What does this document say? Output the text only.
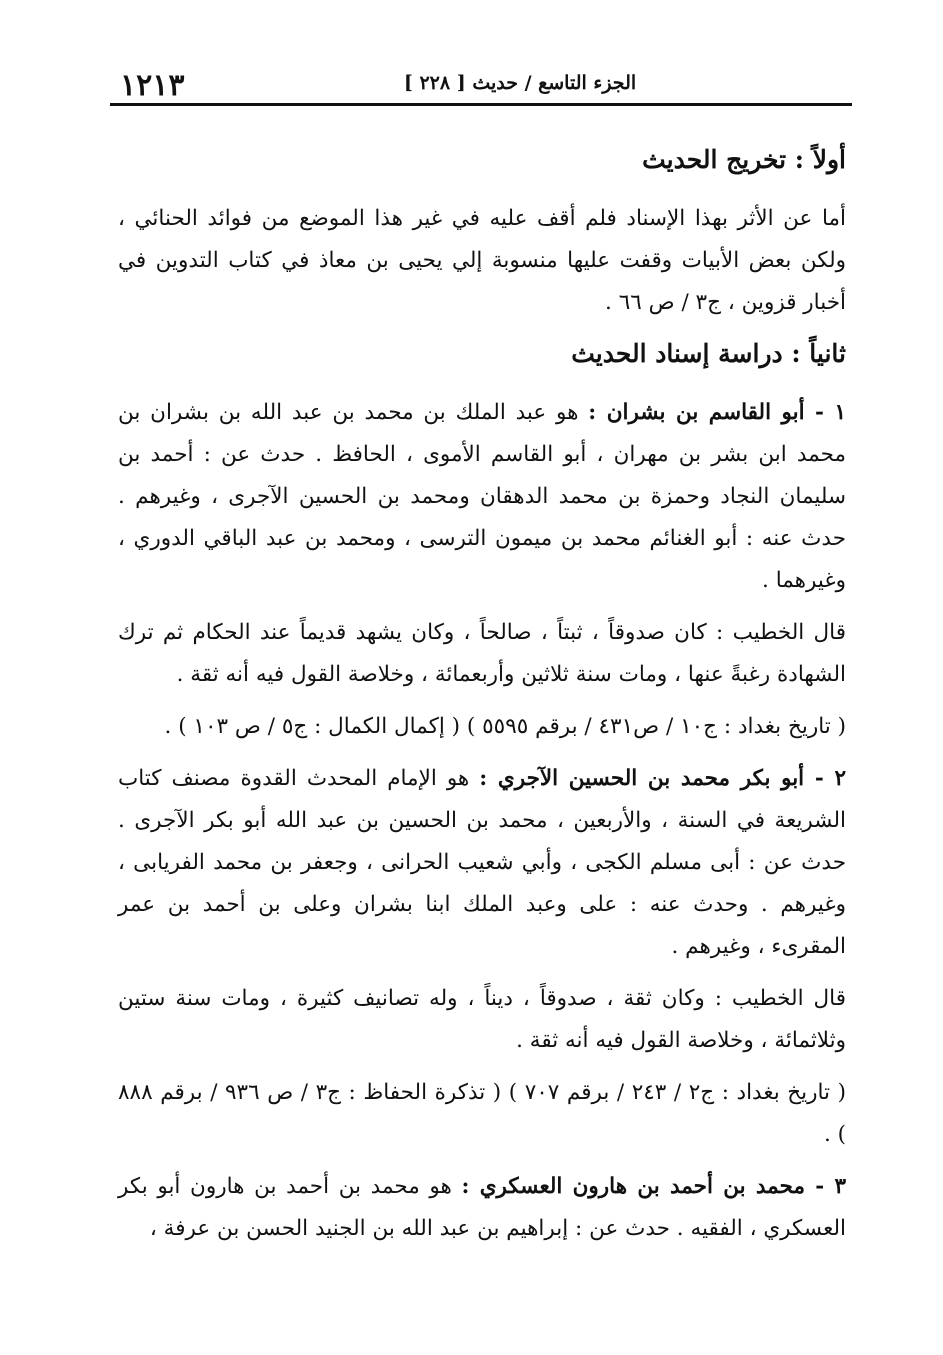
١٢١٣	الجزء التاسع / حديث [ ٢٢٨ ]
أولاً : تخريج الحديث

أما عن الأثر بهذا الإسناد فلم أقف عليه في غير هذا الموضع من فوائد الحنائي ، ولكن بعض الأبيات وقفت عليها منسوبة إلي يحيى بن معاذ في كتاب التدوين في أخبار قزوين ، ج٣ / ص ٦٦ .

ثانياً : دراسة إسناد الحديث

١ - أبو القاسم بن بشران : هو عبد الملك بن محمد بن عبد الله بن بشران بن محمد ابن بشر بن مهران ، أبو القاسم الأموى ، الحافظ . حدث عن : أحمد بن سليمان النجاد وحمزة بن محمد الدهقان ومحمد بن الحسين الآجرى ، وغيرهم . حدث عنه : أبو الغنائم محمد بن ميمون الترسى ، ومحمد بن عبد الباقي الدوري ، وغيرهما .

قال الخطيب : كان صدوقاً ، ثبتاً ، صالحاً ، وكان يشهد قديماً عند الحكام ثم ترك الشهادة رغبةً عنها ، ومات سنة ثلاثين وأربعمائة ، وخلاصة القول فيه أنه ثقة .

( تاريخ بغداد : ج١٠ / ص٤٣١ / برقم ٥٥٩٥ ) ( إكمال الكمال : ج٥ / ص ١٠٣ ) .

٢ - أبو بكر محمد بن الحسين الآجري : هو الإمام المحدث القدوة مصنف كتاب الشريعة في السنة ، والأربعين ، محمد بن الحسين بن عبد الله أبو بكر الآجرى . حدث عن : أبى مسلم الكجى ، وأبي شعيب الحرانى ، وجعفر بن محمد الفريابى ، وغيرهم . وحدث عنه : على وعبد الملك ابنا بشران وعلى بن أحمد بن عمر المقرىء ، وغيرهم .

قال الخطيب : وكان ثقة ، صدوقاً ، ديناً ، وله تصانيف كثيرة ، ومات سنة ستين وثلاثمائة ، وخلاصة القول فيه أنه ثقة .

( تاريخ بغداد : ج٢ / ٢٤٣ / برقم ٧٠٧ ) ( تذكرة الحفاظ : ج٣ / ص ٩٣٦ / برقم ٨٨٨ ) .

٣ - محمد بن أحمد بن هارون العسكري : هو محمد بن أحمد بن هارون أبو بكر العسكري ، الفقيه . حدث عن : إبراهيم بن عبد الله بن الجنيد الحسن بن عرفة ،
